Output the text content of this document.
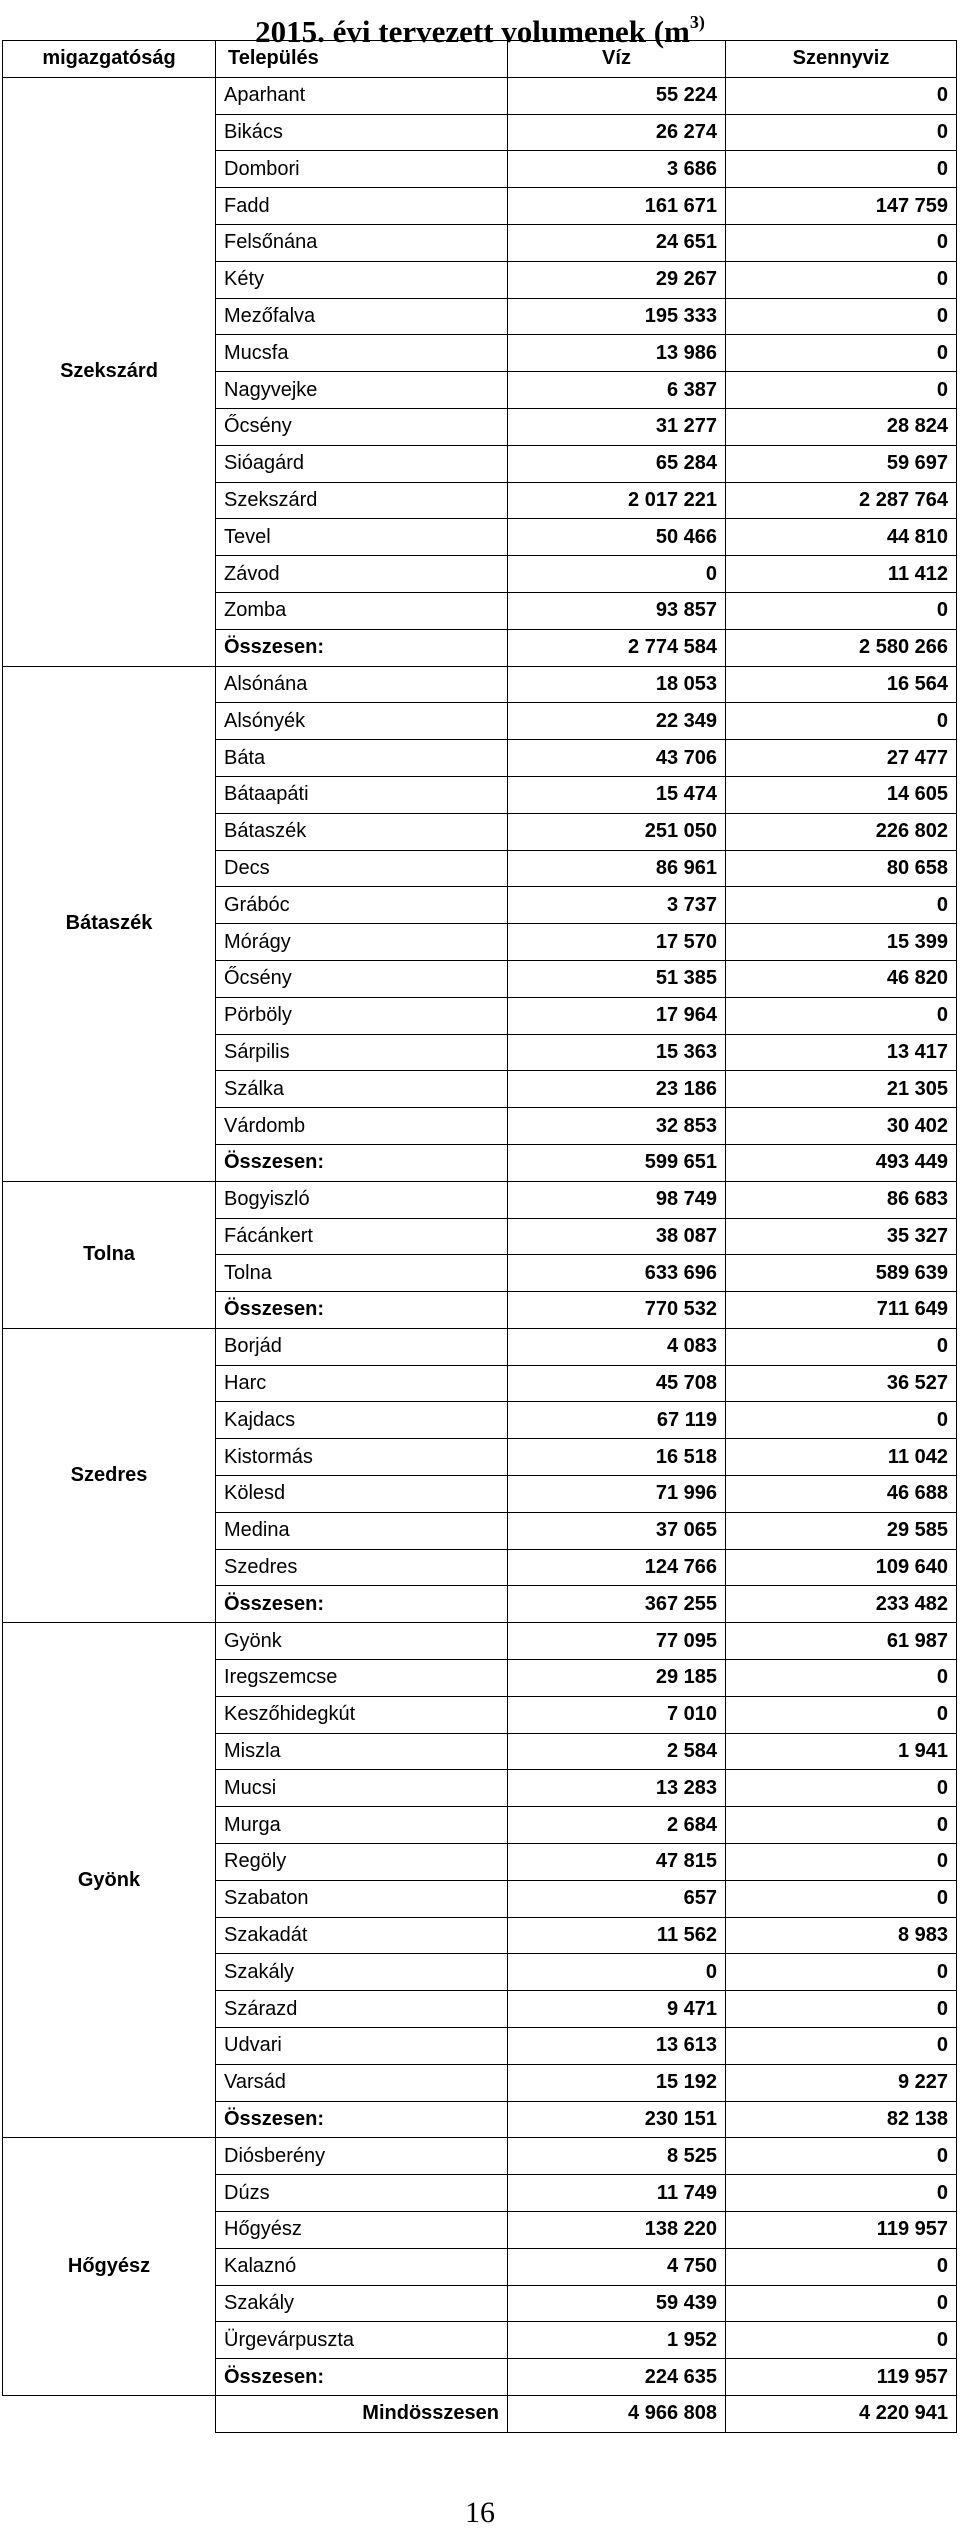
2015. évi tervezett volumenek ($m^{3)}$
migazgatóság	Település	Víz	Szennyviz
Szekszárd	Aparhant	55 224	0
	Bikács	26 274	0
	Dombori	3 686	0
	Fadd	161 671	147 759
	Felsőnána	24 651	0
	Kéty	29 267	0
	Mezőfalva	195 333	0
	Mucsfa	13 986	0
	Nagyvejke	6 387	0
	Őcsény	31 277	28 824
	Sióagárd	65 284	59 697
	Szekszárd	2 017 221	2 287 764
	Tevel	50 466	44 810
	Závod	0	11 412
	Zomba	93 857	0
	Összesen:	2 774 584	2 580 266
Bátaszék	Alsónána	18 053	16 564
	Alsónyék	22 349	0
	Báta	43 706	27 477
	Bátaapáti	15 474	14 605
	Bátaszék	251 050	226 802
	Decs	86 961	80 658
	Grábóc	3 737	0
	Mórágy	17 570	15 399
	Őcsény	51 385	46 820
	Pörböly	17 964	0
	Sárpilis	15 363	13 417
	Szálka	23 186	21 305
	Várdomb	32 853	30 402
	Összesen:	599 651	493 449
Tolna	Bogyiszló	98 749	86 683
	Fácánkert	38 087	35 327
	Tolna	633 696	589 639
	Összesen:	770 532	711 649
Szedres	Borjád	4 083	0
	Harc	45 708	36 527
	Kajdacs	67 119	0
	Kistormás	16 518	11 042
	Kölesd	71 996	46 688
	Medina	37 065	29 585
	Szedres	124 766	109 640
	Összesen:	367 255	233 482
Gyönk	Gyönk	77 095	61 987
	Iregszemcse	29 185	0
	Keszőhidegkút	7 010	0
	Miszla	2 584	1 941
	Mucsi	13 283	0
	Murga	2 684	0
	Regöly	47 815	0
	Szabaton	657	0
	Szakadát	11 562	8 983
	Szakály	0	0
	Szárazd	9 471	0
	Udvari	13 613	0
	Varsád	15 192	9 227
	Összesen:	230 151	82 138
Hőgyész	Diósberény	8 525	0
	Dúzs	11 749	0
	Hőgyész	138 220	119 957
	Kalaznó	4 750	0
	Szakály	59 439	0
	Ürgevárpuszta	1 952	0
	Összesen:	224 635	119 957
	Mindösszesen	4 966 808	4 220 941
16
